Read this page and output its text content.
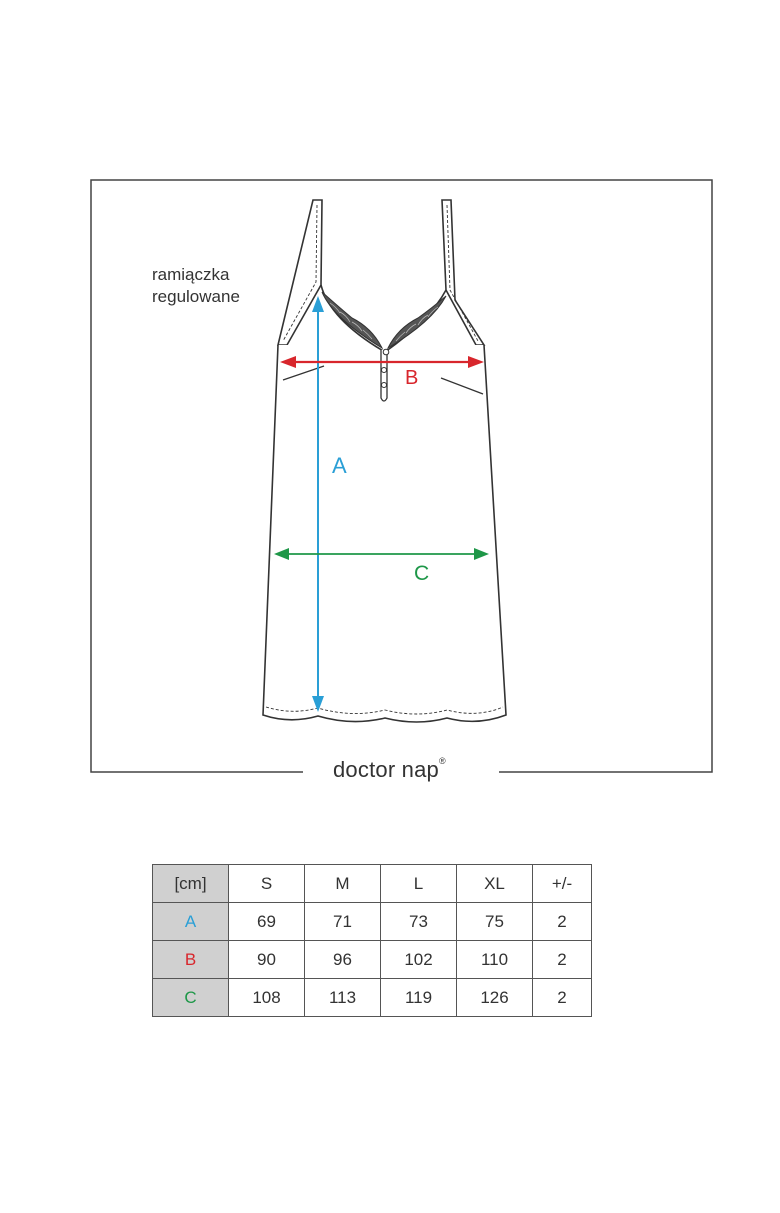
A
B
C
ramiączka
regulowane
doctor nap®
[cm]	S	M	L	XL	+/-
A	69	71	73	75	2
B	90	96	102	110	2
C	108	113	119	126	2
